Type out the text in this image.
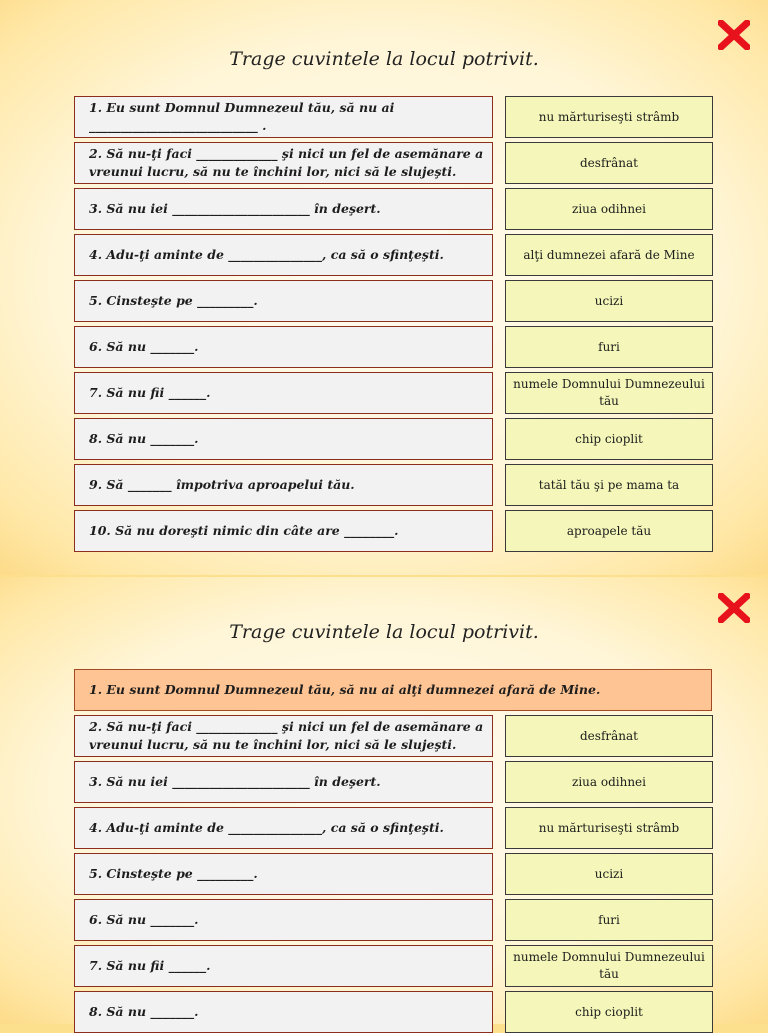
Trage cuvintele la locul potrivit.
1. Eu sunt Domnul Dumnezeul tău, să nu ai ___________________________ .
2. Să nu-ţi faci _____________ şi nici un fel de asemănare a vreunui lucru, să nu te închini lor, nici să le slujeşti.
3. Să nu iei ______________________ în deşert.
4. Adu-ţi aminte de _______________, ca să o sfinţeşti.
5. Cinsteşte pe _________.
6. Să nu _______.
7. Să nu fii ______.
8. Să nu _______.
9. Să _______ împotriva aproapelui tău.
10. Să nu doreşti nimic din câte are ________.
nu mărturiseşti strâmb
desfrânat
ziua odihnei
alţi dumnezei afară de Mine
ucizi
furi
numele Domnului Dumnezeului tău
chip cioplit
tatăl tău şi pe mama ta
aproapele tău
Trage cuvintele la locul potrivit.
1. Eu sunt Domnul Dumnezeul tău, să nu ai alţi dumnezei afară de Mine.
2. Să nu-ţi faci _____________ şi nici un fel de asemănare a vreunui lucru, să nu te închini lor, nici să le slujeşti.
3. Să nu iei ______________________ în deşert.
4. Adu-ţi aminte de _______________, ca să o sfinţeşti.
5. Cinsteşte pe _________.
6. Să nu _______.
7. Să nu fii ______.
8. Să nu _______.
desfrânat
ziua odihnei
nu mărturiseşti strâmb
ucizi
furi
numele Domnului Dumnezeului tău
chip cioplit
